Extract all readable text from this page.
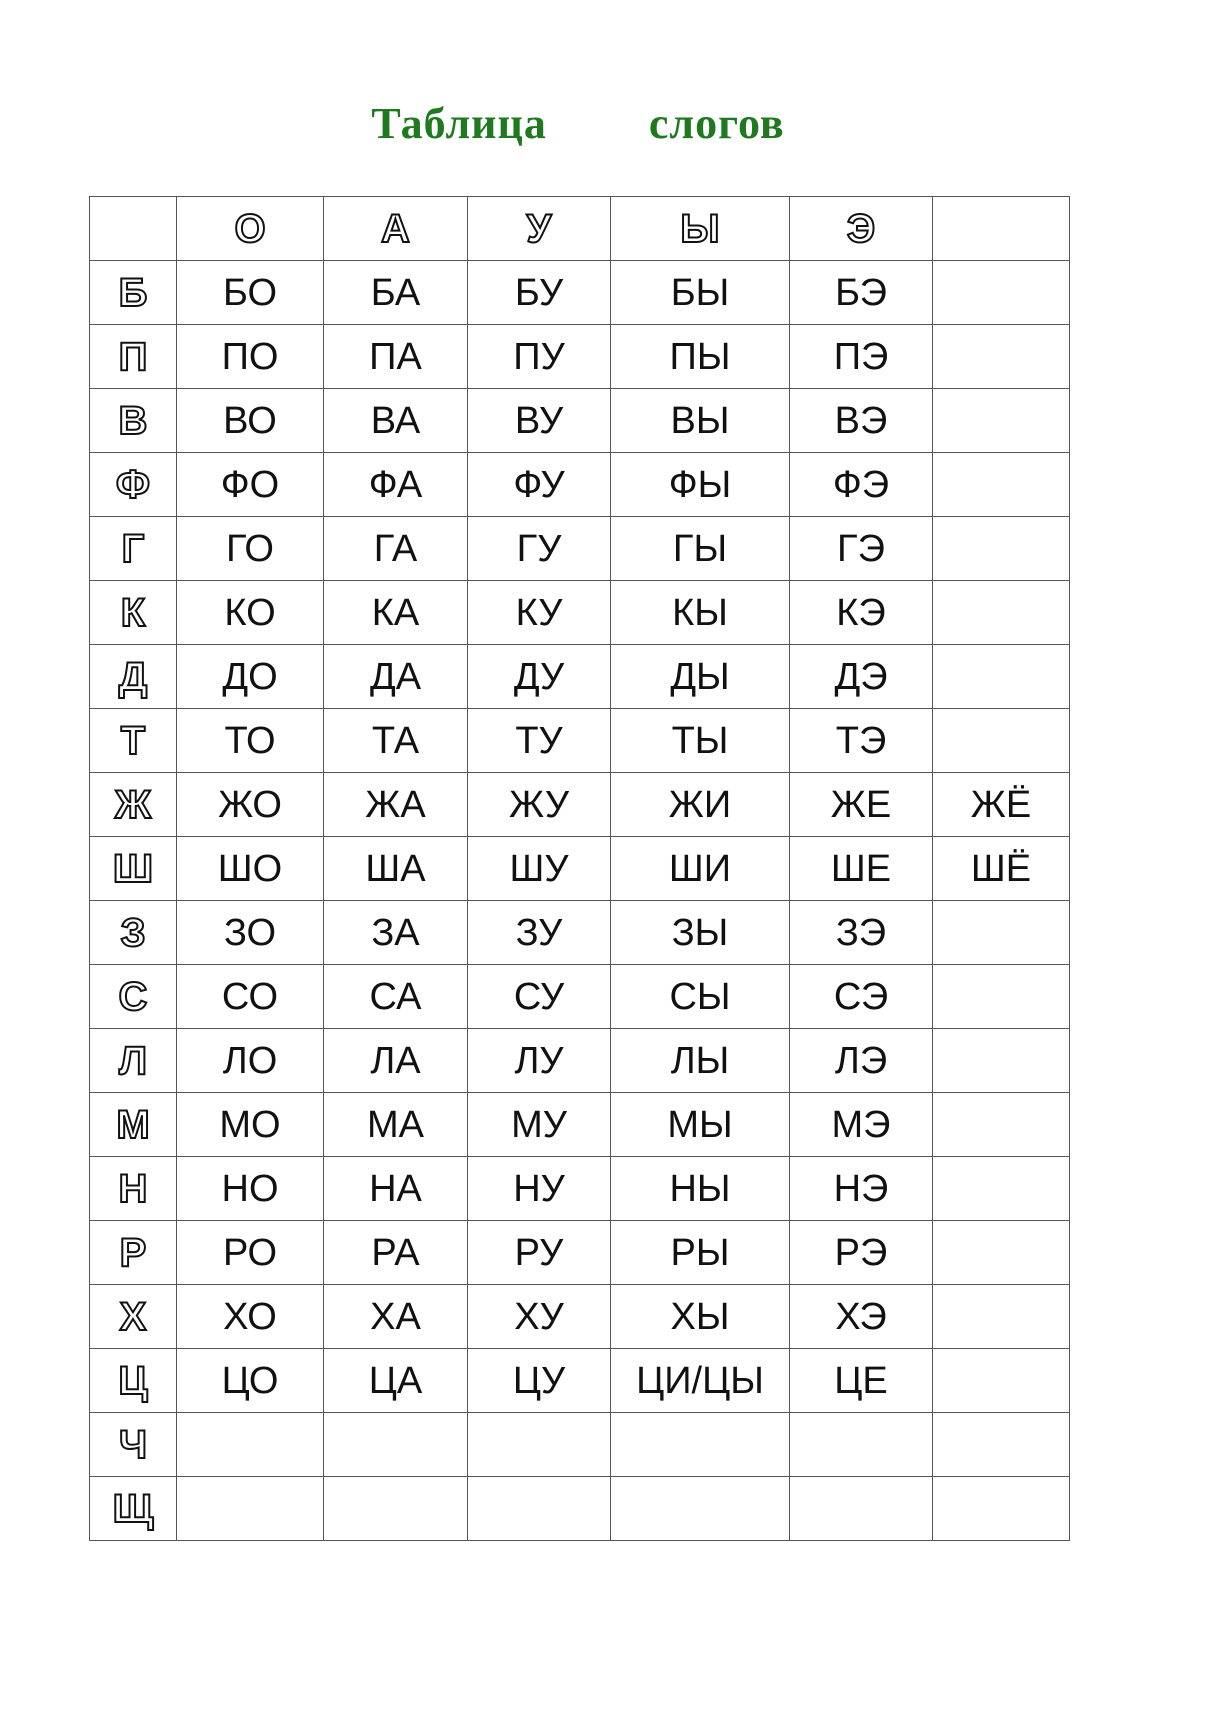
Таблица   слогов
	О	А	У	Ы	Э	
Б	БО	БА	БУ	БЫ	БЭ	
П	ПО	ПА	ПУ	ПЫ	ПЭ	
В	ВО	ВА	ВУ	ВЫ	ВЭ	
Ф	ФО	ФА	ФУ	ФЫ	ФЭ	
Г	ГО	ГА	ГУ	ГЫ	ГЭ	
К	КО	КА	КУ	КЫ	КЭ	
Д	ДО	ДА	ДУ	ДЫ	ДЭ	
Т	ТО	ТА	ТУ	ТЫ	ТЭ	
Ж	ЖО	ЖА	ЖУ	ЖИ	ЖЕ	ЖЁ
Ш	ШО	ША	ШУ	ШИ	ШЕ	ШЁ
З	ЗО	ЗА	ЗУ	ЗЫ	ЗЭ	
С	СО	СА	СУ	СЫ	СЭ	
Л	ЛО	ЛА	ЛУ	ЛЫ	ЛЭ	
М	МО	МА	МУ	МЫ	МЭ	
Н	НО	НА	НУ	НЫ	НЭ	
Р	РО	РА	РУ	РЫ	РЭ	
Х	ХО	ХА	ХУ	ХЫ	ХЭ	
Ц	ЦО	ЦА	ЦУ	ЦИ/ЦЫ	ЦЕ	
Ч						
Щ						
